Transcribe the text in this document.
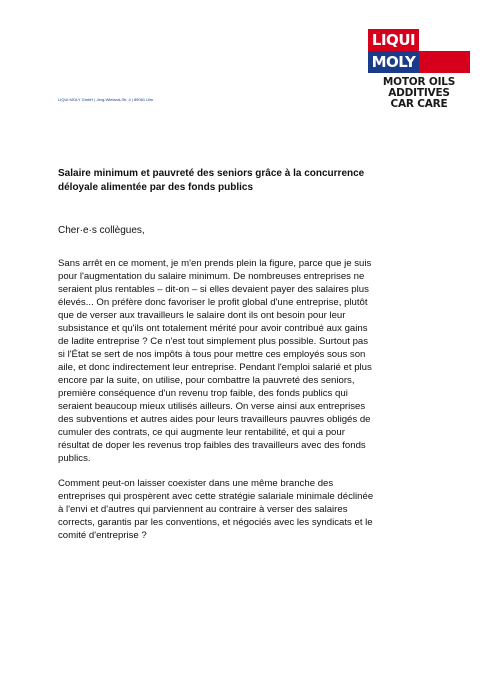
LIQUI
MOLY
MOTOR OILS
ADDITIVES
CAR CARE
LIQUI MOLY GmbH | Jerg-Wieland-Str. 4 | 89081 Ulm
Salaire minimum et pauvreté des seniors grâce à la concurrence déloyale alimentée par des fonds publics
Cher·e·s collègues,
Sans arrêt en ce moment, je m'en prends plein la figure, parce que je suis pour l'augmentation du salaire minimum. De nombreuses entreprises ne seraient plus rentables – dit-on – si elles devaient payer des salaires plus élevés... On préfère donc favoriser le profit global d'une entreprise, plutôt que de verser aux travailleurs le salaire dont ils ont besoin pour leur subsistance et qu'ils ont totalement mérité pour avoir contribué aux gains de ladite entreprise ? Ce n'est tout simplement plus possible. Surtout pas si l'État se sert de nos impôts à tous pour mettre ces employés sous son aile, et donc indirectement leur entreprise. Pendant l'emploi salarié et plus encore par la suite, on utilise, pour combattre la pauvreté des seniors, première conséquence d'un revenu trop faible, des fonds publics qui seraient beaucoup mieux utilisés ailleurs. On verse ainsi aux entreprises des subventions et autres aides pour leurs travailleurs pauvres obligés de cumuler des contrats, ce qui augmente leur rentabilité, et qui a pour résultat de doper les revenus trop faibles des travailleurs avec des fonds publics.
Comment peut-on laisser coexister dans une même branche des entreprises qui prospèrent avec cette stratégie salariale minimale déclinée à l'envi et d'autres qui parviennent au contraire à verser des salaires corrects, garantis par les conventions, et négociés avec les syndicats et le comité d'entreprise ?
